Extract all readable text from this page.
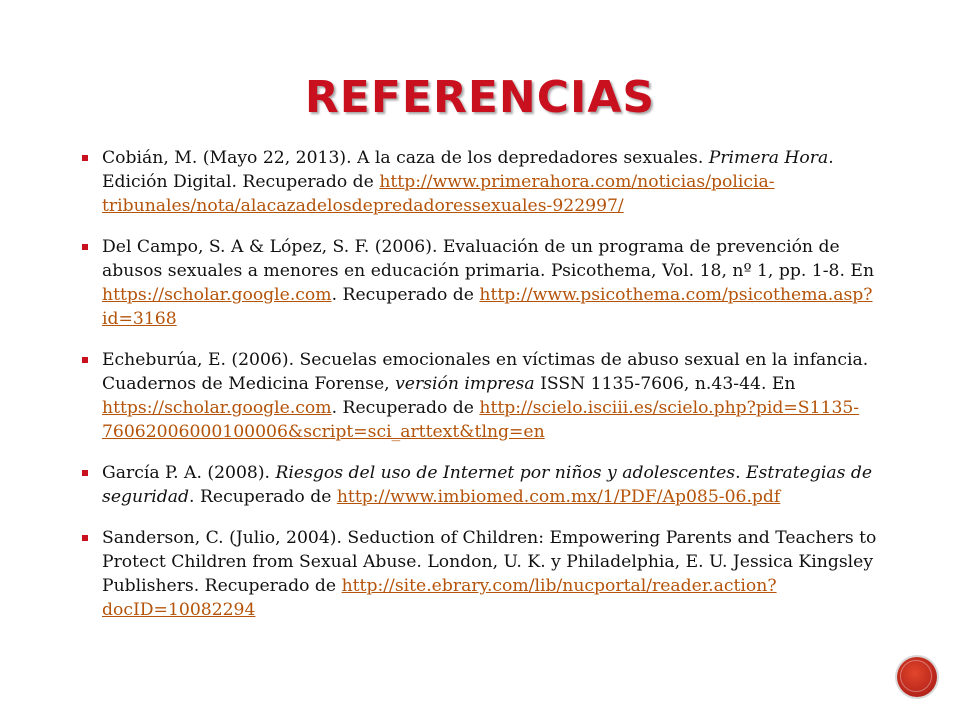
REFERENCIAS
Cobián, M. (Mayo 22, 2013). A la caza de los depredadores sexuales. Primera Hora. Edición Digital. Recuperado de http://www.primerahora.com/noticias/policia-tribunales/nota/alacazadelosdepredadoressexuales-922997/
Del Campo, S. A & López, S. F. (2006). Evaluación de un programa de prevención de abusos sexuales a menores en educación primaria. Psicothema, Vol. 18, nº 1, pp. 1-8. En https://scholar.google.com. Recuperado de http://www.psicothema.com/psicothema.asp?id=3168
Echeburúa, E. (2006). Secuelas emocionales en víctimas de abuso sexual en la infancia. Cuadernos de Medicina Forense, versión impresa ISSN 1135-7606, n.43-44. En https://scholar.google.com. Recuperado de http://scielo.isciii.es/scielo.php?pid=S1135-76062006000100006&script=sci_arttext&tlng=en
García P. A. (2008). Riesgos del uso de Internet por niños y adolescentes. Estrategias de seguridad. Recuperado de http://www.imbiomed.com.mx/1/PDF/Ap085-06.pdf
Sanderson, C. (Julio, 2004). Seduction of Children: Empowering Parents and Teachers to Protect Children from Sexual Abuse. London, U. K. y Philadelphia, E. U. Jessica Kingsley Publishers. Recuperado de http://site.ebrary.com/lib/nucportal/reader.action?docID=10082294
